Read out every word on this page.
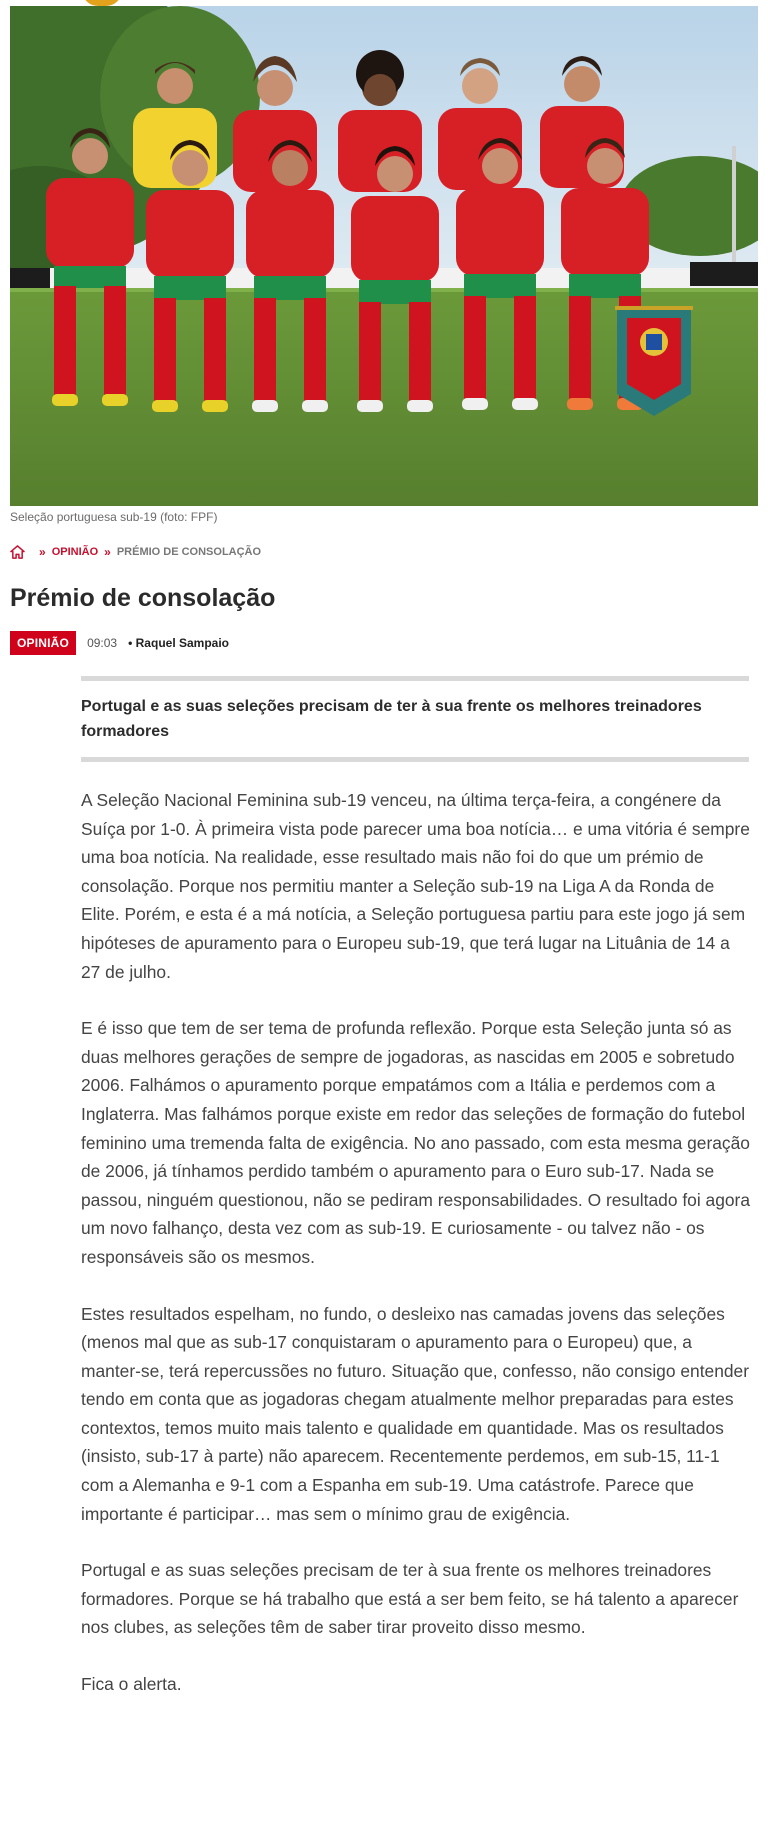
Seleção portuguesa sub-19 (foto: FPF)
» OPINIÃO » PRÉMIO DE CONSOLAÇÃO
Prémio de consolação
OPINIÃO	09:03 • Raquel Sampaio
Portugal e as suas seleções precisam de ter à sua frente os melhores treinadores formadores

A Seleção Nacional Feminina sub-19 venceu, na última terça-feira, a congénere da Suíça por 1-0. À primeira vista pode parecer uma boa notícia… e uma vitória é sempre uma boa notícia. Na realidade, esse resultado mais não foi do que um prémio de consolação. Porque nos permitiu manter a Seleção sub-19 na Liga A da Ronda de Elite. Porém, e esta é a má notícia, a Seleção portuguesa partiu para este jogo já sem hipóteses de apuramento para o Europeu sub-19, que terá lugar na Lituânia de 14 a 27 de julho.

E é isso que tem de ser tema de profunda reflexão. Porque esta Seleção junta só as duas melhores gerações de sempre de jogadoras, as nascidas em 2005 e sobretudo 2006. Falhámos o apuramento porque empatámos com a Itália e perdemos com a Inglaterra. Mas falhámos porque existe em redor das seleções de formação do futebol feminino uma tremenda falta de exigência. No ano passado, com esta mesma geração de 2006, já tínhamos perdido também o apuramento para o Euro sub-17. Nada se passou, ninguém questionou, não se pediram responsabilidades. O resultado foi agora um novo falhanço, desta vez com as sub-19. E curiosamente - ou talvez não - os responsáveis são os mesmos.

Estes resultados espelham, no fundo, o desleixo nas camadas jovens das seleções (menos mal que as sub-17 conquistaram o apuramento para o Europeu) que, a manter-se, terá repercussões no futuro. Situação que, confesso, não consigo entender tendo em conta que as jogadoras chegam atualmente melhor preparadas para estes contextos, temos muito mais talento e qualidade em quantidade. Mas os resultados (insisto, sub-17 à parte) não aparecem. Recentemente perdemos, em sub-15, 11-1 com a Alemanha e 9-1 com a Espanha em sub-19. Uma catástrofe. Parece que importante é participar… mas sem o mínimo grau de exigência.

Portugal e as suas seleções precisam de ter à sua frente os melhores treinadores formadores. Porque se há trabalho que está a ser bem feito, se há talento a aparecer nos clubes, as seleções têm de saber tirar proveito disso mesmo.

Fica o alerta.
